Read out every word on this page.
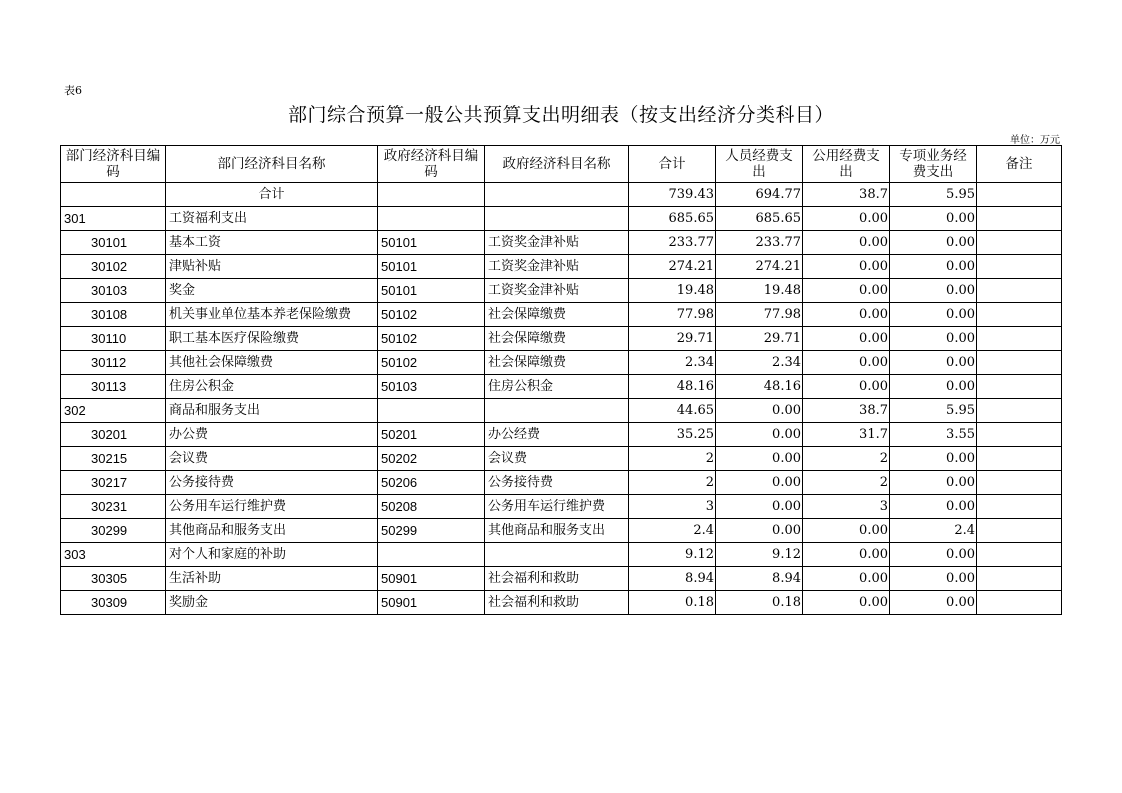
表6
部门综合预算一般公共预算支出明细表（按支出经济分类科目）
单位：万元
部门经济科目编码	部门经济科目名称	政府经济科目编码	政府经济科目名称	合计	人员经费支出	公用经费支出	专项业务经费支出	备注
	合计			739.43	694.77	38.7	5.95	
301	工资福利支出			685.65	685.65	0.00	0.00	
30101	基本工资	50101	工资奖金津补贴	233.77	233.77	0.00	0.00	
30102	津贴补贴	50101	工资奖金津补贴	274.21	274.21	0.00	0.00	
30103	奖金	50101	工资奖金津补贴	19.48	19.48	0.00	0.00	
30108	机关事业单位基本养老保险缴费	50102	社会保障缴费	77.98	77.98	0.00	0.00	
30110	职工基本医疗保险缴费	50102	社会保障缴费	29.71	29.71	0.00	0.00	
30112	其他社会保障缴费	50102	社会保障缴费	2.34	2.34	0.00	0.00	
30113	住房公积金	50103	住房公积金	48.16	48.16	0.00	0.00	
302	商品和服务支出			44.65	0.00	38.7	5.95	
30201	办公费	50201	办公经费	35.25	0.00	31.7	3.55	
30215	会议费	50202	会议费	2	0.00	2	0.00	
30217	公务接待费	50206	公务接待费	2	0.00	2	0.00	
30231	公务用车运行维护费	50208	公务用车运行维护费	3	0.00	3	0.00	
30299	其他商品和服务支出	50299	其他商品和服务支出	2.4	0.00	0.00	2.4	
303	对个人和家庭的补助			9.12	9.12	0.00	0.00	
30305	生活补助	50901	社会福利和救助	8.94	8.94	0.00	0.00	
30309	奖励金	50901	社会福利和救助	0.18	0.18	0.00	0.00	
